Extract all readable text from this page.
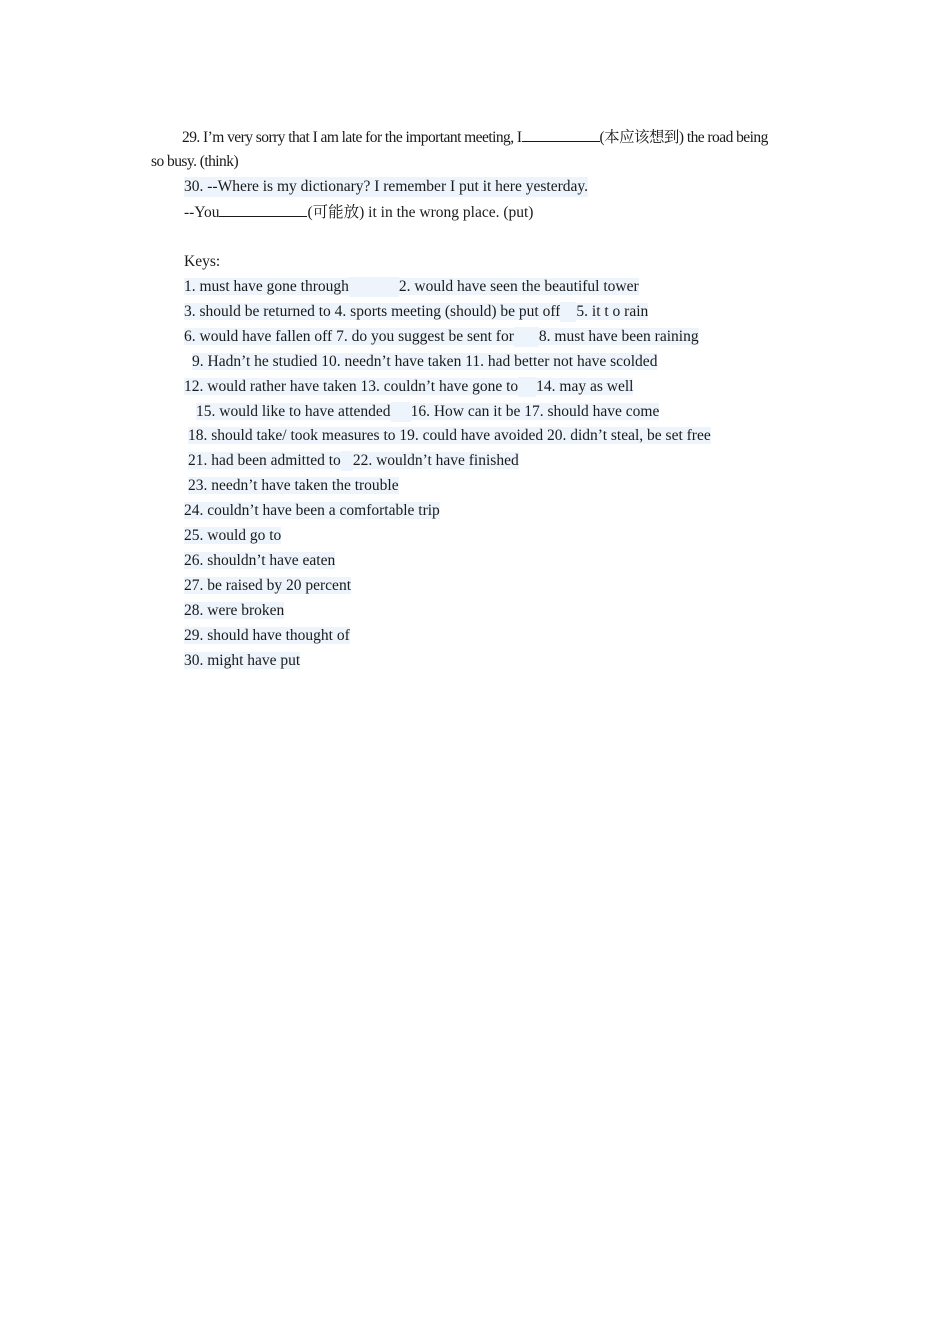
29. I’m very sorry that I am late for the important meeting, I	(本应该想到) the road being
so busy. (think)
30. --Where is my dictionary? I remember I put it here yesterday.
--You	(可能放) it in the wrong place. (put)
Keys:
1. must have gone through	2. would have seen the beautiful tower
3. should be returned to 4. sports meeting (should) be put off 5. it t o rain
6. would have fallen off 7. do you suggest be sent for 8. must have been raining
9. Hadn’t he studied 10. needn’t have taken 11. had better not have scolded
12. would rather have taken 13. couldn’t have gone to 14. may as well
15. would like to have attended 16. How can it be 17. should have come
18. should take/ took measures to 19. could have avoided 20. didn’t steal, be set free
21. had been admitted to 22. wouldn’t have finished
23. needn’t have taken the trouble
24. couldn’t have been a comfortable trip
25. would go to
26. shouldn’t have eaten
27. be raised by 20 percent
28. were broken
29. should have thought of
30. might have put
